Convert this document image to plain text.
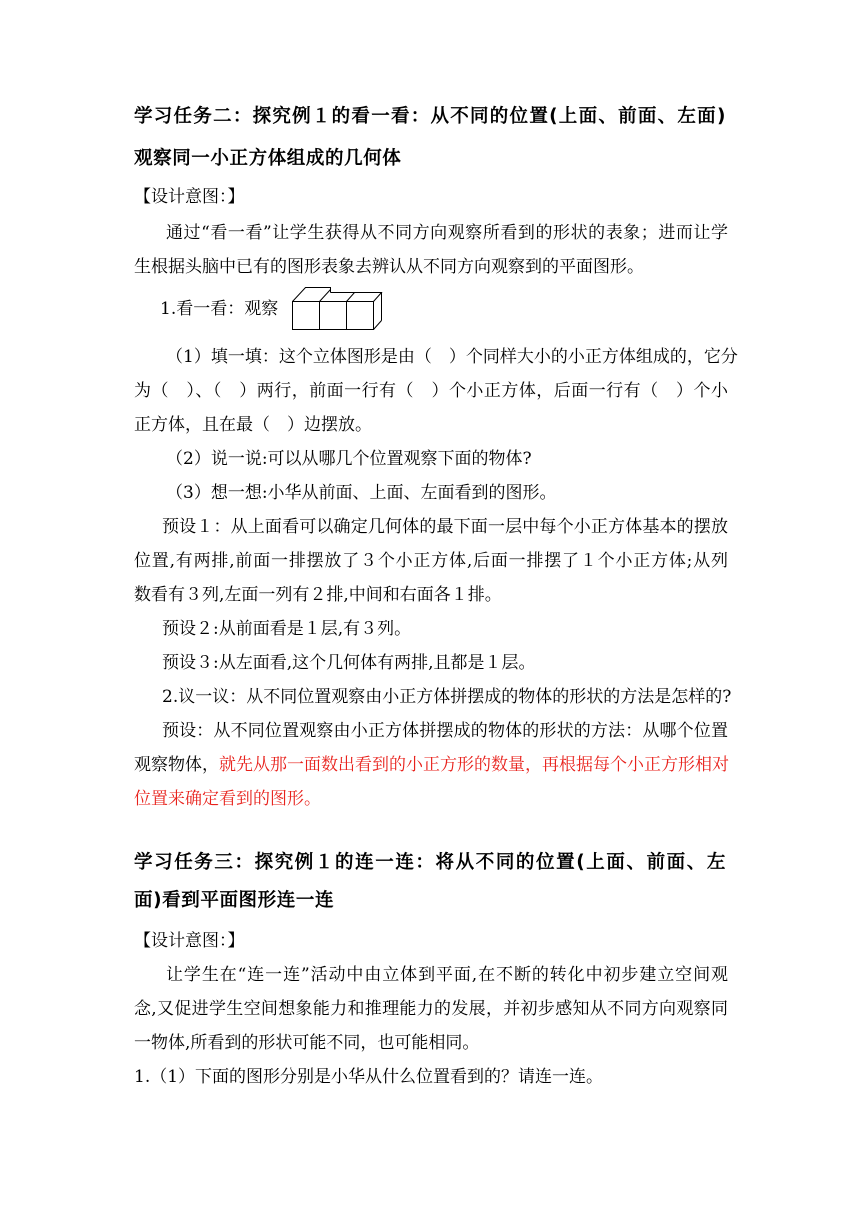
学习任务二：探究例１的看一看：从不同的位置(上面、前面、左面)
观察同一小正方体组成的几何体
【设计意图：】
通过“看一看”让学生获得从不同方向观察所看到的形状的表象；进而让学
生根据头脑中已有的图形表象去辨认从不同方向观察到的平面图形。
1.看一看：观察
（1）填一填：这个立体图形是由（　）个同样大小的小正方体组成的，它分
为（　）、（　）两行，前面一行有（　）个小正方体，后面一行有（　）个小
正方体，且在最（　）边摆放。
（2）说一说:可以从哪几个位置观察下面的物体?
（3）想一想:小华从前面、上面、左面看到的图形。
预设１：从上面看可以确定几何体的最下面一层中每个小正方体基本的摆放
位置,有两排,前面一排摆放了３个小正方体,后面一排摆了１个小正方体;从列
数看有３列,左面一列有２排,中间和右面各１排。
预设２:从前面看是１层,有３列。
预设３:从左面看,这个几何体有两排,且都是１层。
2.议一议：从不同位置观察由小正方体拼摆成的物体的形状的方法是怎样的?
预设：从不同位置观察由小正方体拼摆成的物体的形状的方法：从哪个位置
观察物体，就先从那一面数出看到的小正方形的数量，再根据每个小正方形相对
位置来确定看到的图形。
学习任务三：探究例１的连一连：将从不同的位置(上面、前面、左
面)看到平面图形连一连
【设计意图：】
让学生在“连一连”活动中由立体到平面,在不断的转化中初步建立空间观
念,又促进学生空间想象能力和推理能力的发展，并初步感知从不同方向观察同
一物体,所看到的形状可能不同，也可能相同。
1.（1）下面的图形分别是小华从什么位置看到的？请连一连。
